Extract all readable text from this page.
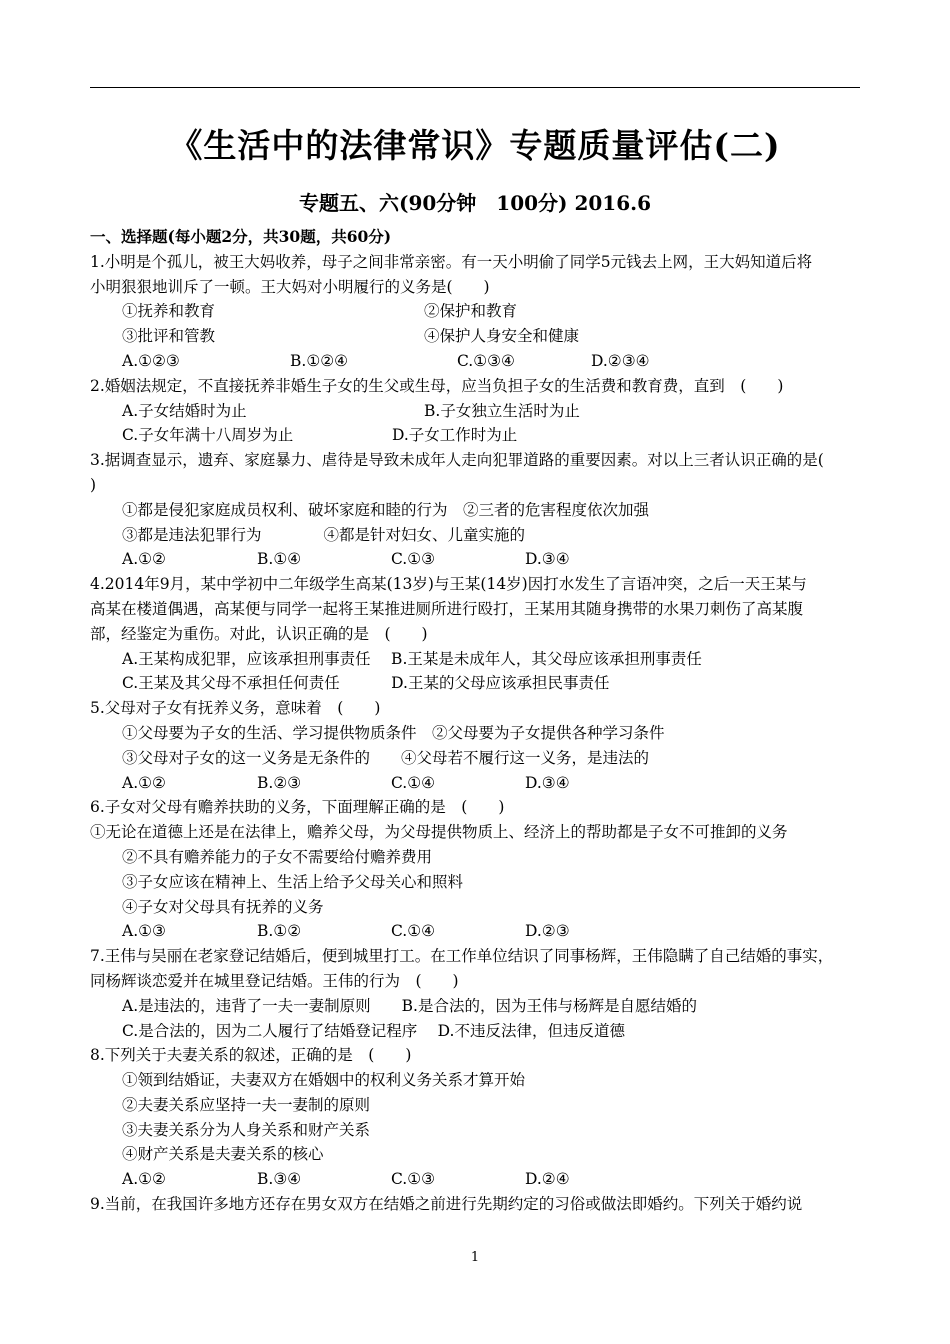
《生活中的法律常识》专题质量评估(二)
专题五、六(90分钟　100分) 2016.6
一、选择题(每小题2分，共30题，共60分)
1.小明是个孤儿，被王大妈收养，母子之间非常亲密。有一天小明偷了同学5元钱去上网，王大妈知道后将
小明狠狠地训斥了一顿。王大妈对小明履行的义务是(　　)
①抚养和教育	②保护和教育
③批评和管教	④保护人身安全和健康
A.①②③	B.①②④	C.①③④	D.②③④
2.婚姻法规定，不直接抚养非婚生子女的生父或生母，应当负担子女的生活费和教育费，直到　(　　)
A.子女结婚时为止	B.子女独立生活时为止
C.子女年满十八周岁为止	D.子女工作时为止
3.据调查显示，遗弃、家庭暴力、虐待是导致未成年人走向犯罪道路的重要因素。对以上三者认识正确的是(
)
①都是侵犯家庭成员权利、破坏家庭和睦的行为　②三者的危害程度依次加强
③都是违法犯罪行为　　　　④都是针对妇女、儿童实施的
A.①②	B.①④	C.①③	D.③④
4.2014年9月，某中学初中二年级学生高某(13岁)与王某(14岁)因打水发生了言语冲突，之后一天王某与
高某在楼道偶遇，高某便与同学一起将王某推进厕所进行殴打，王某用其随身携带的水果刀刺伤了高某腹
部，经鉴定为重伤。对此，认识正确的是　(　　)
A.王某构成犯罪，应该承担刑事责任　 B.王某是未成年人，其父母应该承担刑事责任
C.王某及其父母不承担任何责任　　　 D.王某的父母应该承担民事责任
5.父母对子女有抚养义务，意味着　(　　)
①父母要为子女的生活、学习提供物质条件　②父母要为子女提供各种学习条件
③父母对子女的这一义务是无条件的　　④父母若不履行这一义务，是违法的
A.①②	B.②③	C.①④	D.③④
6.子女对父母有赡养扶助的义务，下面理解正确的是　(　　)
①无论在道德上还是在法律上，赡养父母，为父母提供物质上、经济上的帮助都是子女不可推卸的义务
②不具有赡养能力的子女不需要给付赡养费用
③子女应该在精神上、生活上给予父母关心和照料
④子女对父母具有抚养的义务
A.①③	B.①②	C.①④	D.②③
7.王伟与吴丽在老家登记结婚后，便到城里打工。在工作单位结识了同事杨辉，王伟隐瞒了自己结婚的事实，
同杨辉谈恋爱并在城里登记结婚。王伟的行为　(　　)
A.是违法的，违背了一夫一妻制原则　　B.是合法的，因为王伟与杨辉是自愿结婚的
C.是合法的，因为二人履行了结婚登记程序　 D.不违反法律，但违反道德
8.下列关于夫妻关系的叙述，正确的是　(　　)
①领到结婚证，夫妻双方在婚姻中的权利义务关系才算开始
②夫妻关系应坚持一夫一妻制的原则
③夫妻关系分为人身关系和财产关系
④财产关系是夫妻关系的核心
A.①②	B.③④	C.①③	D.②④
9.当前，在我国许多地方还存在男女双方在结婚之前进行先期约定的习俗或做法即婚约。下列关于婚约说
1
